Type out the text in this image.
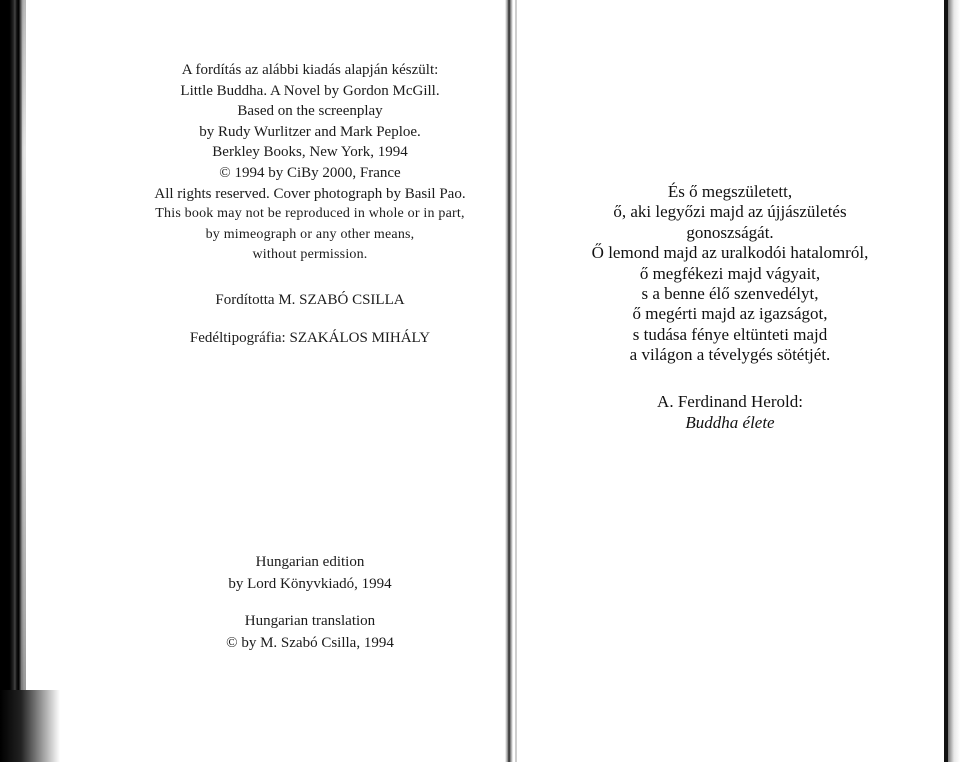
A fordítás az alábbi kiadás alapján készült:
Little Buddha. A Novel by Gordon McGill.
Based on the screenplay
by Rudy Wurlitzer and Mark Peploe.
Berkley Books, New York, 1994
© 1994 by CiBy 2000, France
All rights reserved. Cover photograph by Basil Pao.
This book may not be reproduced in whole or in part,
by mimeograph or any other means,
without permission.
Fordította M. SZABÓ CSILLA
Fedéltipográfia: SZAKÁLOS MIHÁLY
Hungarian edition
by Lord Könyvkiadó, 1994
Hungarian translation
© by M. Szabó Csilla, 1994
És ő megszületett,
ő, aki legyőzi majd az újjászületés
gonoszságát.
Ő lemond majd az uralkodói hatalomról,
ő megfékezi majd vágyait,
s a benne élő szenvedélyt,
ő megérti majd az igazságot,
s tudása fénye eltünteti majd
a világon a tévelygés sötétjét.
A. Ferdinand Herold:
Buddha élete
